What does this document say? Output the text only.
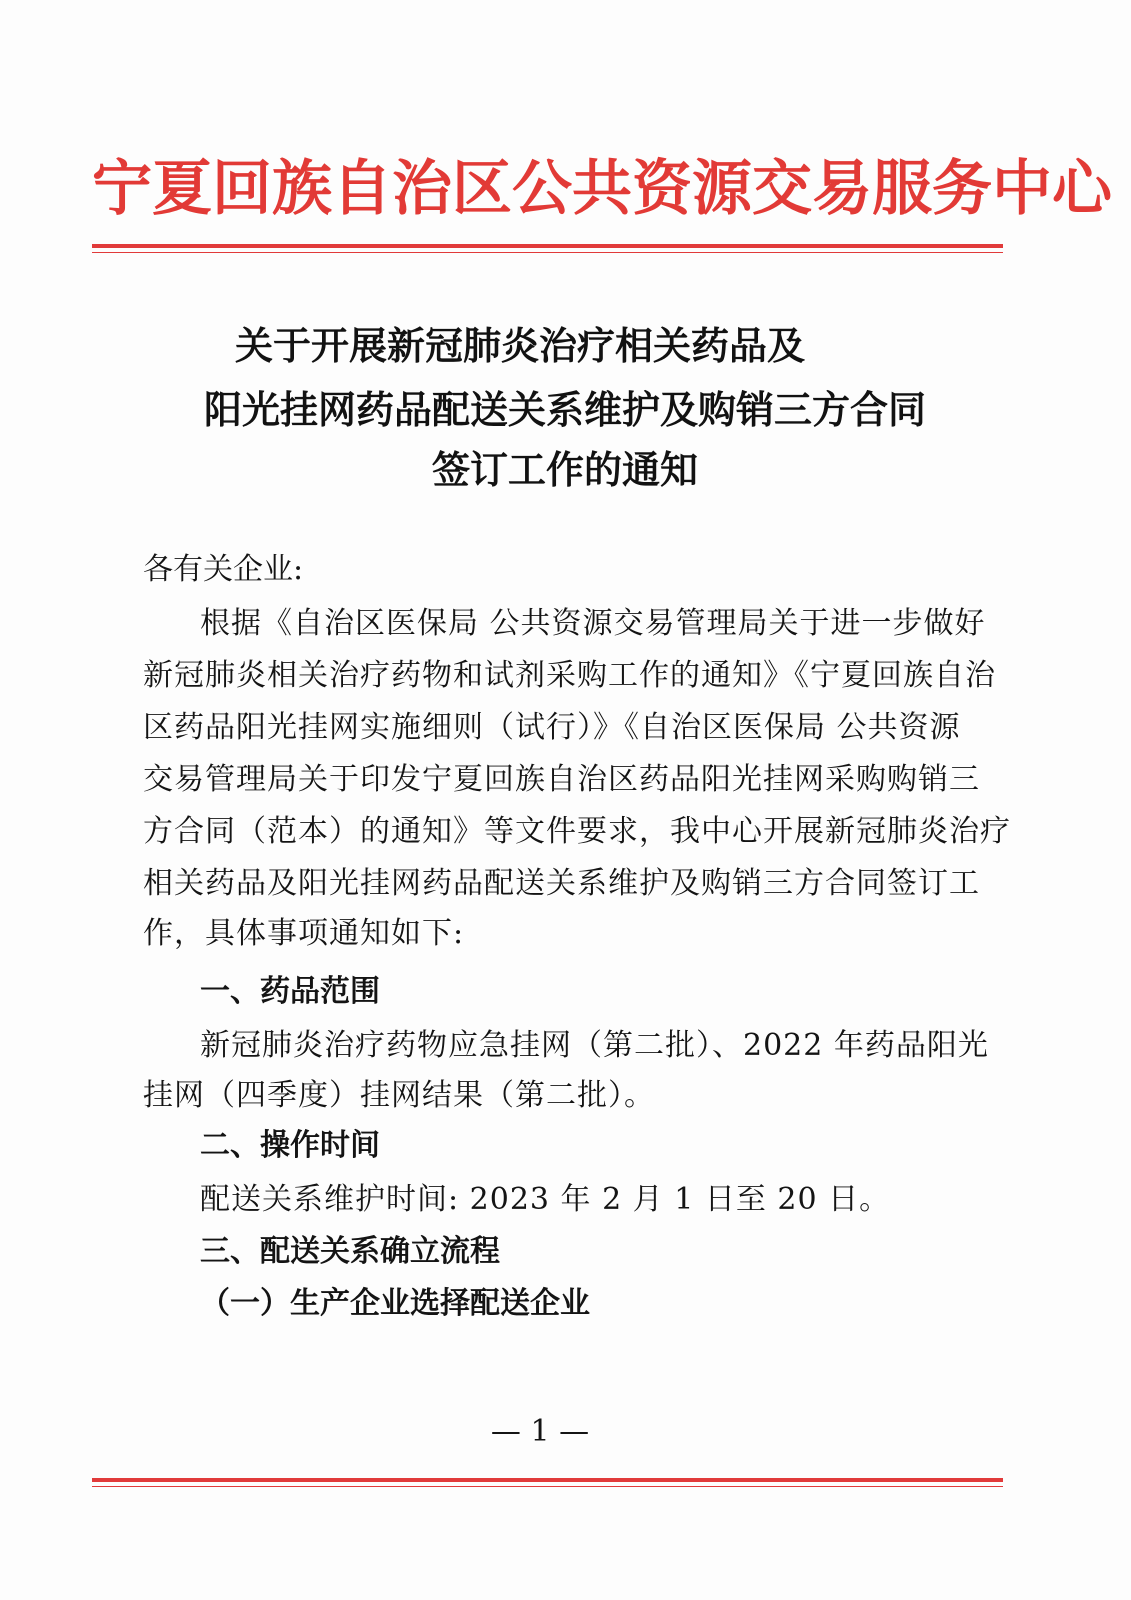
宁夏回族自治区公共资源交易服务中心
关于开展新冠肺炎治疗相关药品及
阳光挂网药品配送关系维护及购销三方合同
签订工作的通知
各有关企业:
根据《自治区医保局 公共资源交易管理局关于进一步做好
新冠肺炎相关治疗药物和试剂采购工作的通知》《宁夏回族自治
区药品阳光挂网实施细则（试行）》《自治区医保局 公共资源
交易管理局关于印发宁夏回族自治区药品阳光挂网采购购销三
方合同（范本）的通知》等文件要求，我中心开展新冠肺炎治疗
相关药品及阳光挂网药品配送关系维护及购销三方合同签订工
作，具体事项通知如下:
一、药品范围
新冠肺炎治疗药物应急挂网（第二批）、2022 年药品阳光
挂网（四季度）挂网结果（第二批）。
二、操作时间
配送关系维护时间: 2023 年 2 月 1 日至 20 日。
三、配送关系确立流程
（一）生产企业选择配送企业
— 1 —
